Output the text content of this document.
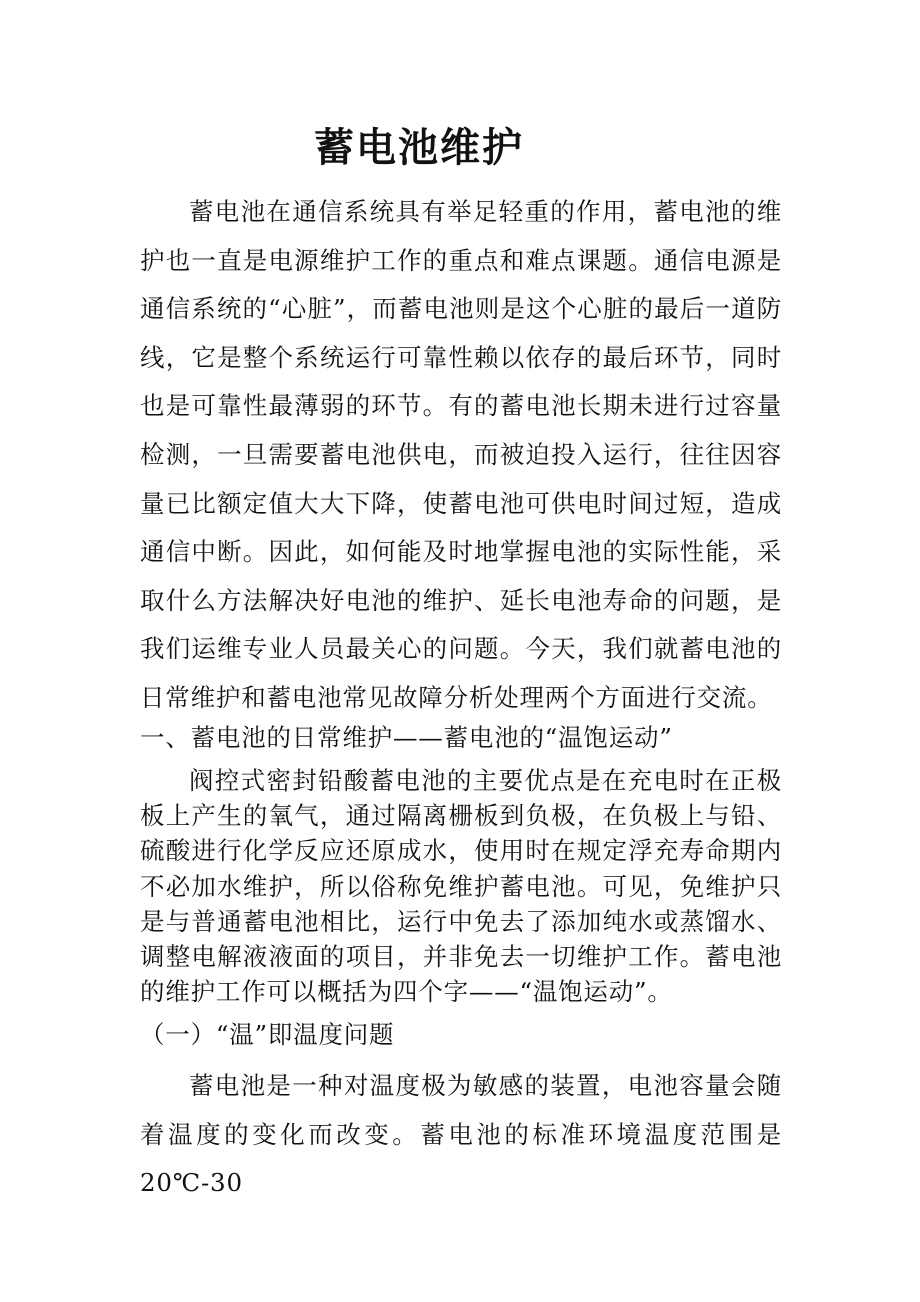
蓄电池维护

蓄电池在通信系统具有举足轻重的作用，蓄电池的维护也一直是电源维护工作的重点和难点课题。通信电源是通信系统的“心脏”，而蓄电池则是这个心脏的最后一道防线，它是整个系统运行可靠性赖以依存的最后环节，同时也是可靠性最薄弱的环节。有的蓄电池长期未进行过容量检测，一旦需要蓄电池供电，而被迫投入运行，往往因容量已比额定值大大下降，使蓄电池可供电时间过短，造成通信中断。因此，如何能及时地掌握电池的实际性能，采取什么方法解决好电池的维护、延长电池寿命的问题，是我们运维专业人员最关心的问题。今天，我们就蓄电池的日常维护和蓄电池常见故障分析处理两个方面进行交流。

一、蓄电池的日常维护——蓄电池的“温饱运动”

阀控式密封铅酸蓄电池的主要优点是在充电时在正极板上产生的氧气，通过隔离栅板到负极，在负极上与铅、硫酸进行化学反应还原成水，使用时在规定浮充寿命期内不必加水维护，所以俗称免维护蓄电池。可见，免维护只是与普通蓄电池相比，运行中免去了添加纯水或蒸馏水、调整电解液液面的项目，并非免去一切维护工作。蓄电池的维护工作可以概括为四个字——“温饱运动”。

（一）“温”即温度问题

蓄电池是一种对温度极为敏感的装置，电池容量会随着温度的变化而改变。蓄电池的标准环境温度范围是 20℃-30
